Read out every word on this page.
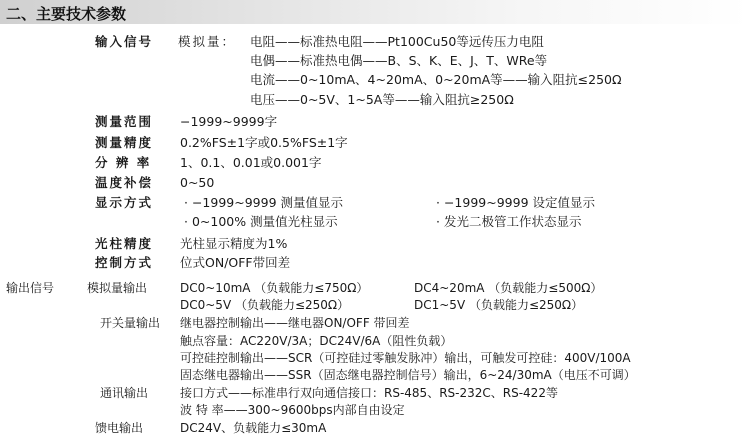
二、主要技术参数
输入信号 模拟量： 电阻——标准热电阻——Pt100Cu50等远传压力电阻
电偶——标准热电偶——B、S、K、E、J、T、WRe等
电流——0~10mA、4~20mA、0~20mA等——输入阻抗≤250Ω
电压——0~5V、1~5A等——输入阻抗≥250Ω
测量范围 −1999~9999字
测量精度 0.2%FS±1字或0.5%FS±1字
分 辨 率 1、0.1、0.01或0.001字
温度补偿 0~50
显示方式 · −1999~9999 测量值显示	· −1999~9999 设定值显示
· 0~100% 测量值光柱显示	· 发光二极管工作状态显示
光柱精度 光柱显示精度为1%
控制方式 位式ON/OFF带回差
输出信号	模拟量输出	DC0~10mA （负载能力≤750Ω）	DC4~20mA （负载能力≤500Ω）
DC0~5V （负载能力≤250Ω）	DC1~5V （负载能力≤250Ω）
开关量输出 继电器控制输出——继电器ON/OFF 带回差
触点容量：AC220V/3A；DC24V/6A（阻性负载）
可控硅控制输出——SCR（可控硅过零触发脉冲）输出，可触发可控硅：400V/100A
固态继电器输出——SSR（固态继电器控制信号）输出，6~24/30mA（电压不可调）
通讯输出	接口方式——标准串行双向通信接口：RS-485、RS-232C、RS-422等
波 特 率——300~9600bps内部自由设定
馈电输出	DC24V、负载能力≤30mA
